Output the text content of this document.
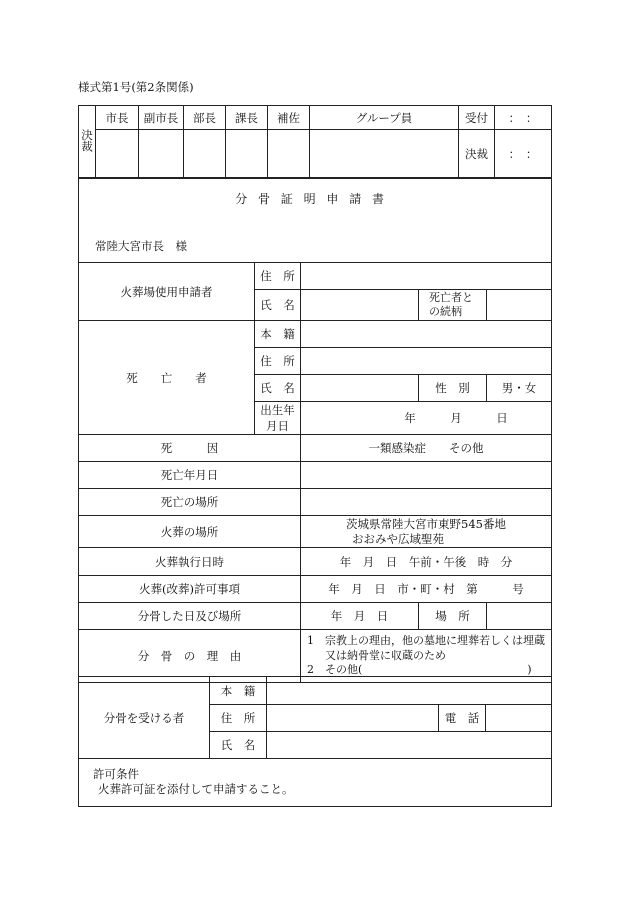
様式第1号(第2条関係)
決裁	市長	副市長	部長	課長	補佐	グループ員	受付	：　：
							決裁	：　：
分骨証明申請書
常陸大宮市長　様				

火葬場使用申請者	住　所			
	氏　名		死亡者と
の続柄	

死　　亡　　者	本　籍			
	住　所			
	氏　名		性　別	男・女
	出生年月日	年　　　月　　　日		
死　　　因		一類感染症　　その他		
死亡年月日				
死亡の場所				
火葬の場所		茨城県常陸大宮市東野545番地
おおみや広域聖苑		

火葬執行日時		年　月　日　午前・午後　時　分		
火葬(改葬)許可事項		年　月　日　市・町・村　第　　　号		
分骨した日及び場所		年　月　日	場　所	
分　骨　の　理　由		1 宗教上の理由，他の墓地に埋葬若しくは埋蔵又は納骨堂に収蔵のため
2 その他(　　　　　　　　　　　　　　　)		
分骨を受ける者	本　籍			
	住　所		電　話	
	氏　名			

許可条件
火葬許可証を添付して申請すること。				
